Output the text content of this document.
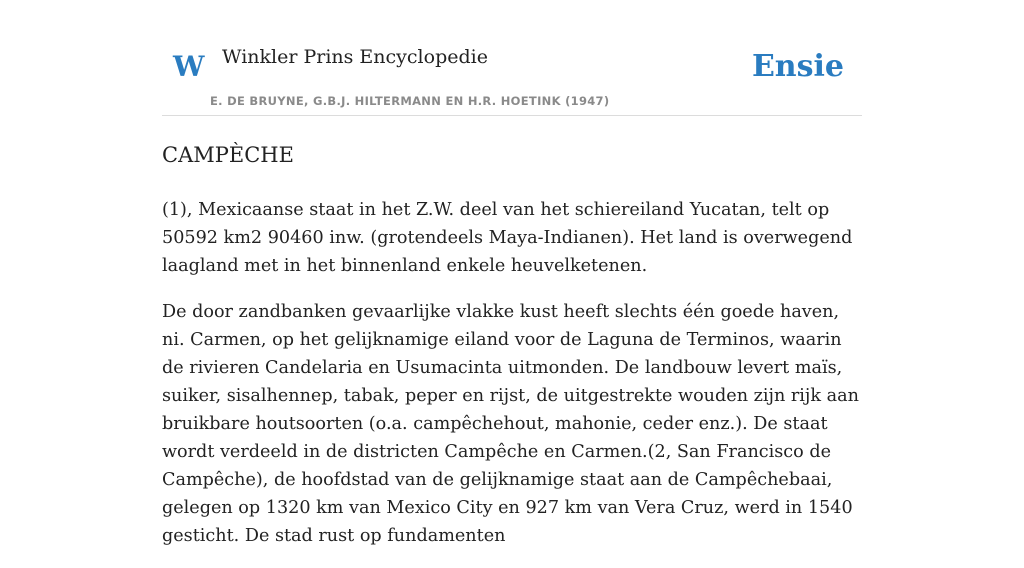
W Winkler Prins Encyclopedie
E. DE BRUYNE, G.B.J. HILTERMANN EN H.R. HOETINK (1947)
Ensie
CAMPÈCHE

(1), Mexicaanse staat in het Z.W. deel van het schiereiland Yucatan, telt op 50592 km2 90460 inw. (grotendeels Maya-Indianen). Het land is overwegend laagland met in het binnenland enkele heuvelketenen.

De door zandbanken gevaarlijke vlakke kust heeft slechts één goede haven, ni. Carmen, op het gelijknamige eiland voor de Laguna de Terminos, waarin de rivieren Candelaria en Usumacinta uitmonden. De landbouw levert maïs, suiker, sisalhennep, tabak, peper en rijst, de uitgestrekte wouden zijn rijk aan bruikbare houtsoorten (o.a. campêchehout, mahonie, ceder enz.). De staat wordt verdeeld in de districten Campêche en Carmen.(2, San Francisco de Campêche), de hoofdstad van de gelijknamige staat aan de Campêchebaai, gelegen op 1320 km van Mexico City en 927 km van Vera Cruz, werd in 1540 gesticht. De stad rust op fundamenten
